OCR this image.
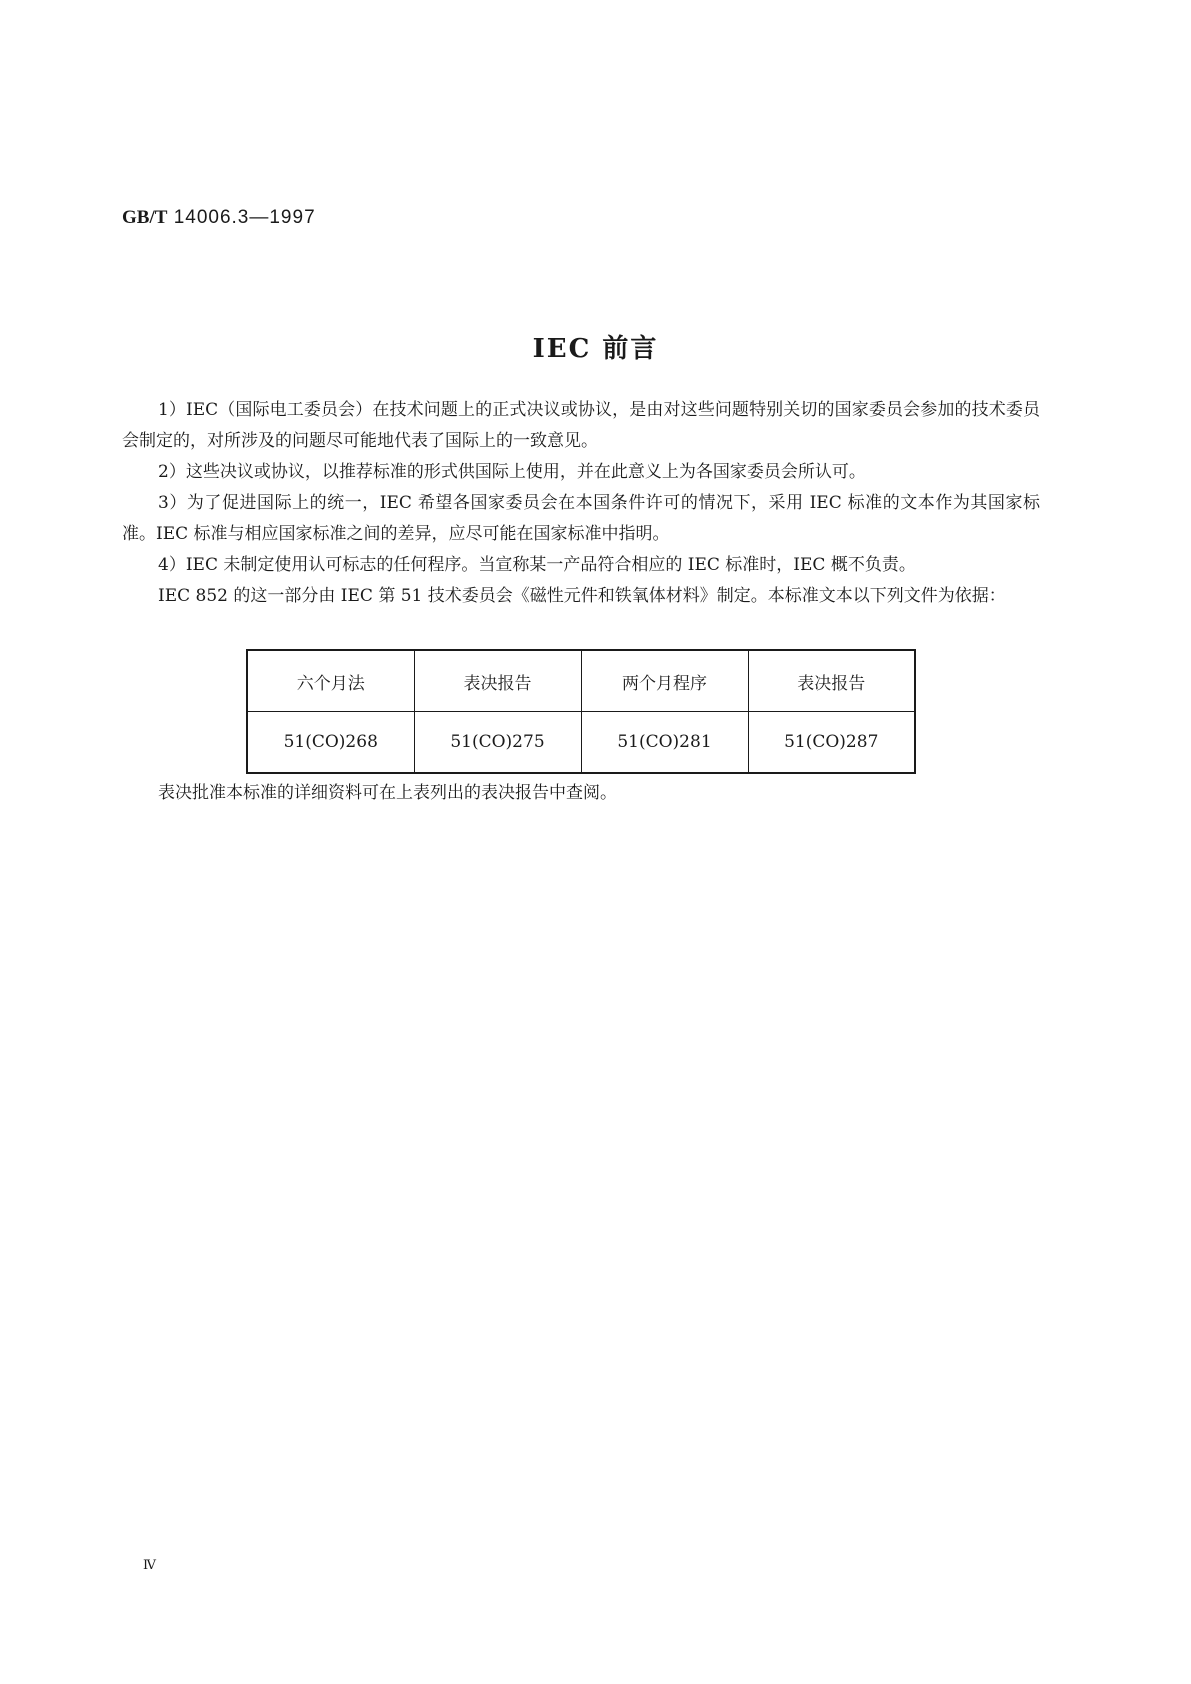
GB/T 14006.3—1997
IEC 前言

1）IEC（国际电工委员会）在技术问题上的正式决议或协议，是由对这些问题特别关切的国家委员会参加的技术委员会制定的，对所涉及的问题尽可能地代表了国际上的一致意见。

2）这些决议或协议，以推荐标准的形式供国际上使用，并在此意义上为各国家委员会所认可。

3）为了促进国际上的统一，IEC 希望各国家委员会在本国条件许可的情况下，采用 IEC 标准的文本作为其国家标准。IEC 标准与相应国家标准之间的差异，应尽可能在国家标准中指明。

4）IEC 未制定使用认可标志的任何程序。当宣称某一产品符合相应的 IEC 标准时，IEC 概不负责。

IEC 852 的这一部分由 IEC 第 51 技术委员会《磁性元件和铁氧体材料》制定。本标准文本以下列文件为依据：

六个月法	表决报告	两个月程序	表决报告
51(CO)268	51(CO)275	51(CO)281	51(CO)287
表决批准本标准的详细资料可在上表列出的表决报告中查阅。
Ⅳ
